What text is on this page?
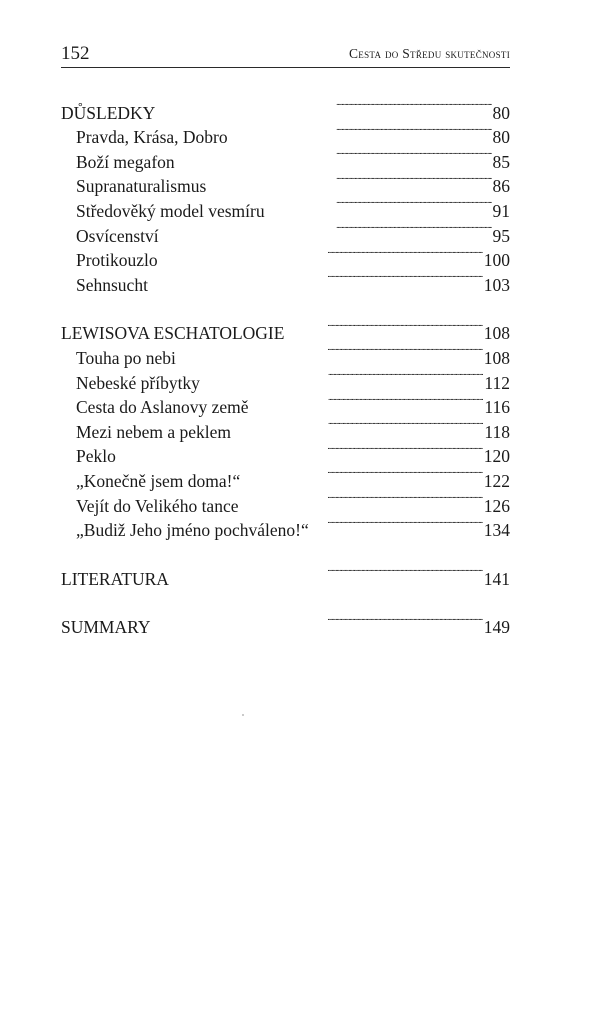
152	Cesta do Středu skutečnosti
DŮSLEDKY . . .	80
Pravda, Krása, Dobro . . .	80
Boží megafon . . .	85
Supranaturalismus . . .	86
Středověký model vesmíru . . .	91
Osvícenství . . .	95
Protikouzlo . . .	100
Sehnsucht . . .	103
LEWISOVA ESCHATOLOGIE . . .	108
Touha po nebi . . .	108
Nebeské příbytky . . .	112
Cesta do Aslanovy země . . .	116
Mezi nebem a peklem . . .	118
Peklo . . .	120
„Konečně jsem doma!“ . . .	122
Vejít do Velikého tance . . .	126
„Budiž Jeho jméno pochváleno!“ . . .	134
LITERATURA . . .	141
SUMMARY . . .	149
